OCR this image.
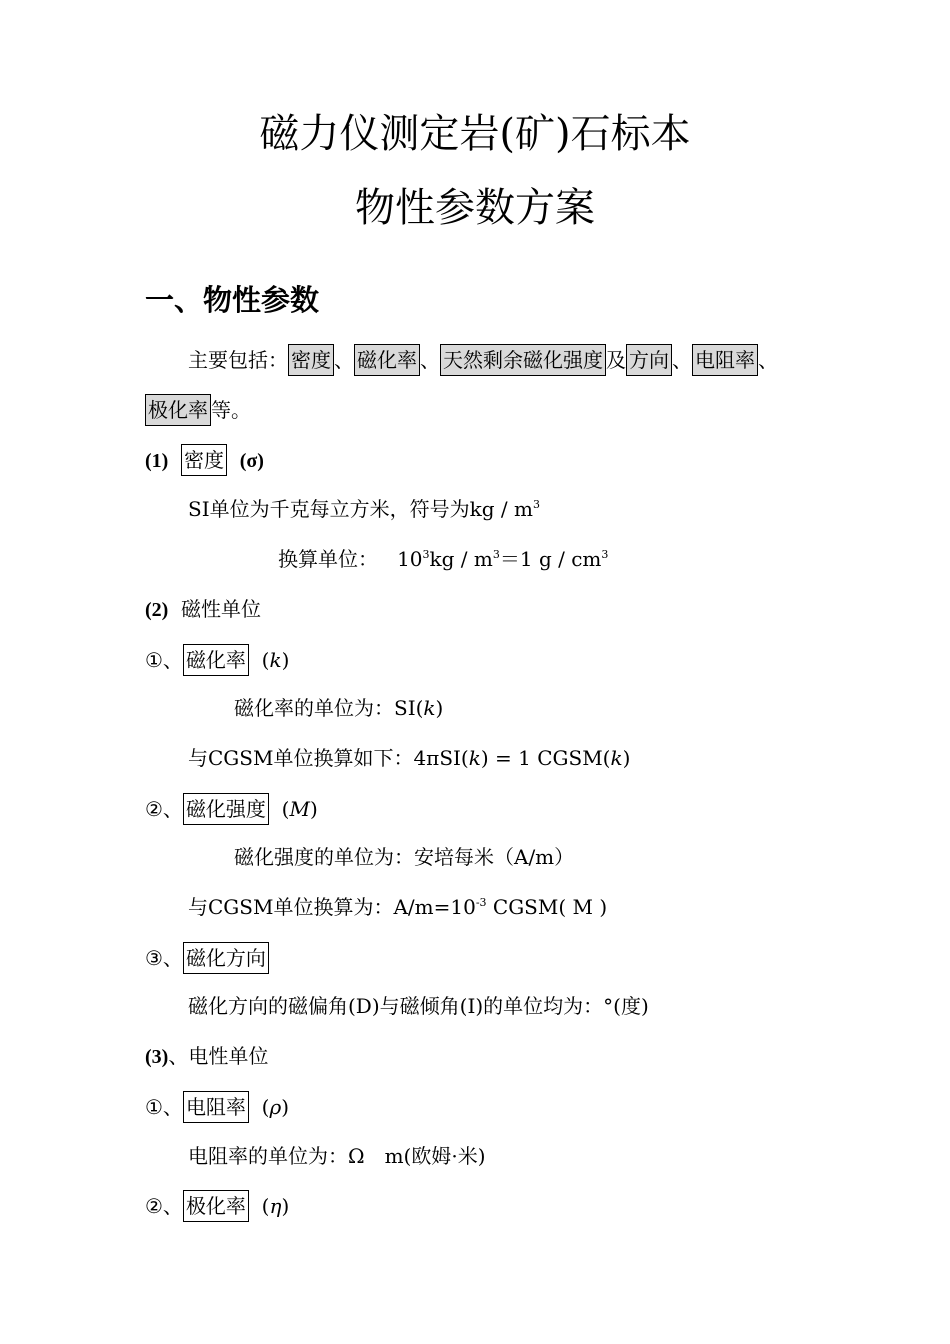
磁力仪测定岩(矿)石标本
物性参数方案
一、物性参数
主要包括： 密度 、 磁化率 、 天然剩余磁化强度 及 方向 、 电阻率 、
极化率 等。
(1) 密度 (σ)
SI单位为千克每立方米，符号为kg / $m^3$
换算单位： $10^3kg / m^3=1$ g / $cm^3$
(2) 磁性单位
①、 磁化率 (k)
磁化率的单位为：SI(k)
与CGSM单位换算如下：4πSI(k) = 1 CGSM(k)
②、 磁化强度 (M)
磁化强度的单位为：安培每米（A/m）
与CGSM单位换算为：$A/m=10^{-3}$ CGSM( M )
③、 磁化方向
磁化方向的磁偏角(D)与磁倾角(I)的单位均为：°(度)
(3)、电性单位
①、 电阻率 (ρ)
电阻率的单位为：Ω　m(欧姆·米)
②、 极化率 (η)
